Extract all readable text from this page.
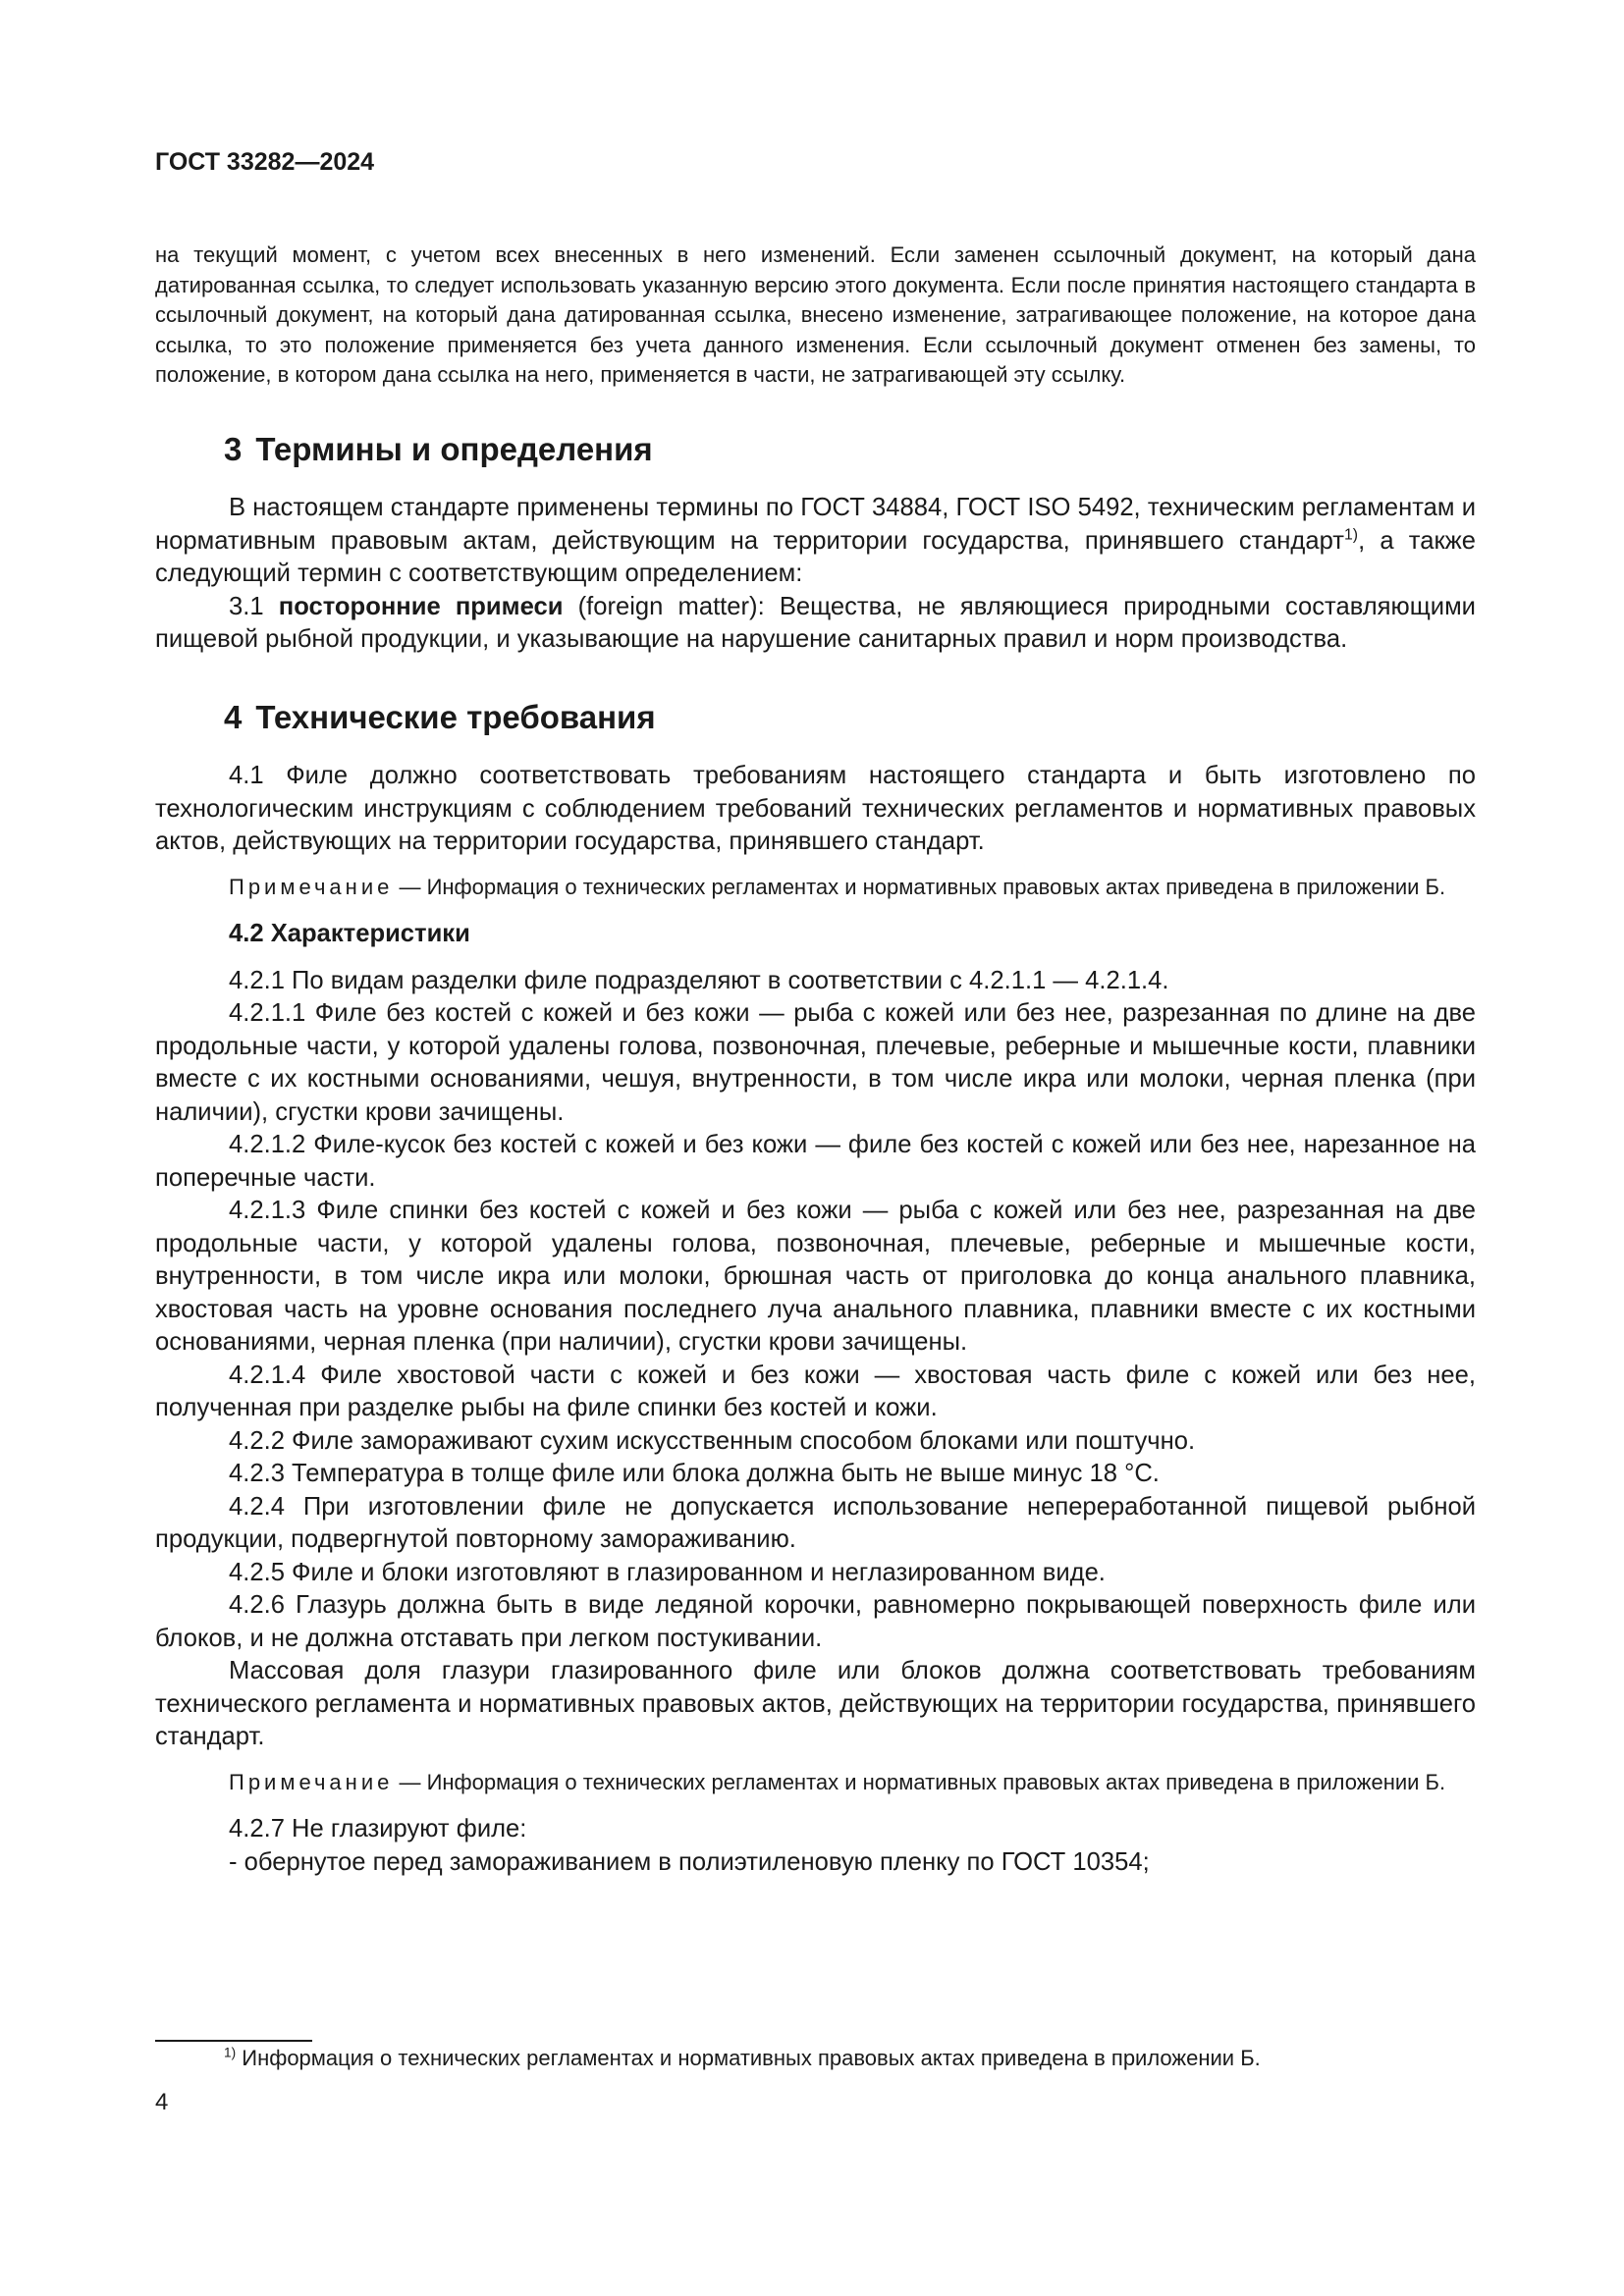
ГОСТ 33282—2024

на текущий момент, с учетом всех внесенных в него изменений. Если заменен ссылочный документ, на который дана датированная ссылка, то следует использовать указанную версию этого документа. Если после принятия настоящего стандарта в ссылочный документ, на который дана датированная ссылка, внесено изменение, затрагивающее положение, на которое дана ссылка, то это положение применяется без учета данного изменения. Если ссылочный документ отменен без замены, то положение, в котором дана ссылка на него, применяется в части, не затрагивающей эту ссылку.

3 Термины и определения

В настоящем стандарте применены термины по ГОСТ 34884, ГОСТ ISO 5492, техническим регламентам и нормативным правовым актам, действующим на территории государства, принявшего стандарт$^{1)}$, а также следующий термин с соответствующим определением:

3.1 посторонние примеси (foreign matter): Вещества, не являющиеся природными составляющими пищевой рыбной продукции, и указывающие на нарушение санитарных правил и норм производства.

4 Технические требования

4.1 Филе должно соответствовать требованиям настоящего стандарта и быть изготовлено по технологическим инструкциям с соблюдением требований технических регламентов и нормативных правовых актов, действующих на территории государства, принявшего стандарт.

Примечание — Информация о технических регламентах и нормативных правовых актах приведена в приложении Б.

4.2 Характеристики

4.2.1 По видам разделки филе подразделяют в соответствии с 4.2.1.1 — 4.2.1.4.

4.2.1.1 Филе без костей с кожей и без кожи — рыба с кожей или без нее, разрезанная по длине на две продольные части, у которой удалены голова, позвоночная, плечевые, реберные и мышечные кости, плавники вместе с их костными основаниями, чешуя, внутренности, в том числе икра или молоки, черная пленка (при наличии), сгустки крови зачищены.

4.2.1.2 Филе-кусок без костей с кожей и без кожи — филе без костей с кожей или без нее, нарезанное на поперечные части.

4.2.1.3 Филе спинки без костей с кожей и без кожи — рыба с кожей или без нее, разрезанная на две продольные части, у которой удалены голова, позвоночная, плечевые, реберные и мышечные кости, внутренности, в том числе икра или молоки, брюшная часть от приголовка до конца анального плавника, хвостовая часть на уровне основания последнего луча анального плавника, плавники вместе с их костными основаниями, черная пленка (при наличии), сгустки крови зачищены.

4.2.1.4 Филе хвостовой части с кожей и без кожи — хвостовая часть филе с кожей или без нее, полученная при разделке рыбы на филе спинки без костей и кожи.

4.2.2 Филе замораживают сухим искусственным способом блоками или поштучно.

4.2.3 Температура в толще филе или блока должна быть не выше минус 18 °С.

4.2.4 При изготовлении филе не допускается использование непереработанной пищевой рыбной продукции, подвергнутой повторному замораживанию.

4.2.5 Филе и блоки изготовляют в глазированном и неглазированном виде.

4.2.6 Глазурь должна быть в виде ледяной корочки, равномерно покрывающей поверхность филе или блоков, и не должна отставать при легком постукивании.

Массовая доля глазури глазированного филе или блоков должна соответствовать требованиям технического регламента и нормативных правовых актов, действующих на территории государства, принявшего стандарт.

Примечание — Информация о технических регламентах и нормативных правовых актах приведена в приложении Б.

4.2.7 Не глазируют филе:

- обернутое перед замораживанием в полиэтиленовую пленку по ГОСТ 10354;

$^{1)}$ Информация о технических регламентах и нормативных правовых актах приведена в приложении Б.
4
